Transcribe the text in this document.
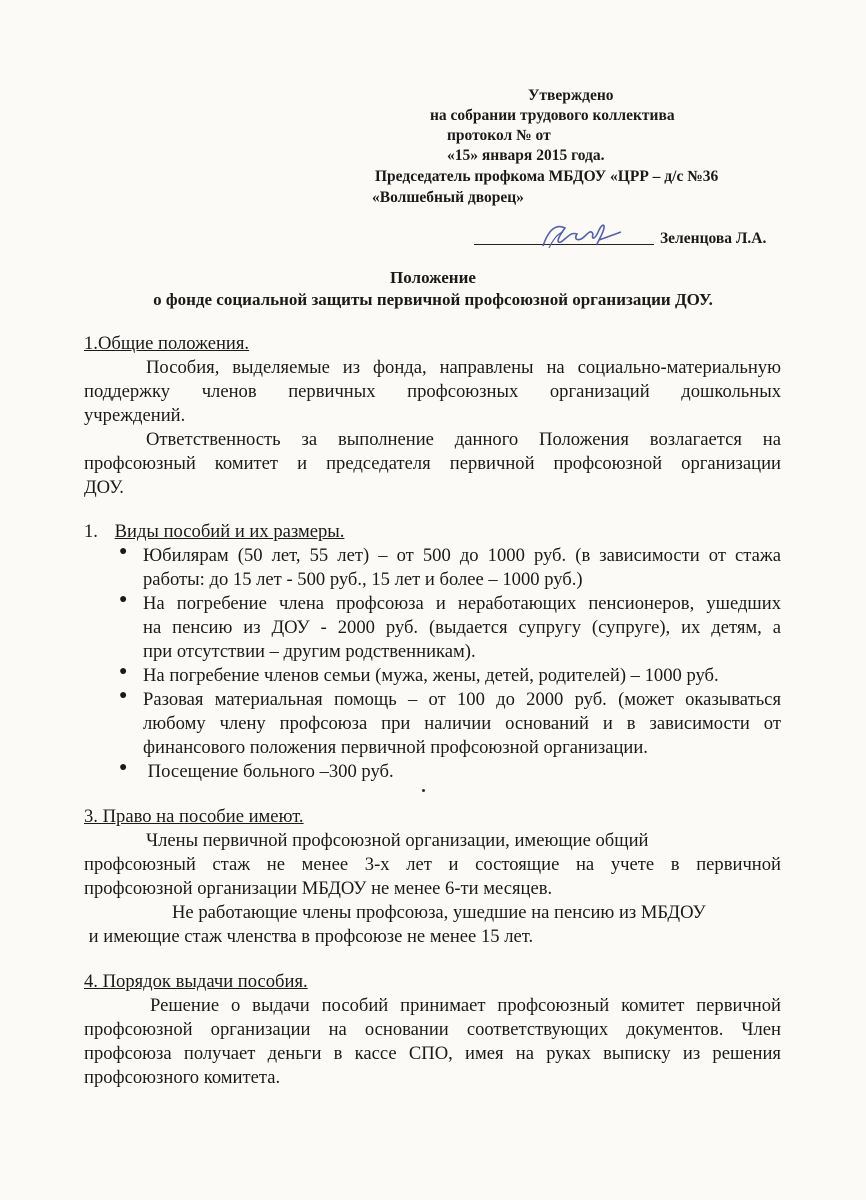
Утверждено
на собрании трудового коллектива
протокол № от
«15» января 2015 года.
Председатель профкома МБДОУ «ЦРР – д/с №36
«Волшебный дворец»
Зеленцова Л.А.
Положение
о фонде социальной защиты первичной профсоюзной организации ДОУ.
1.Общие положения.
Пособия, выделяемые из фонда, направлены на социально-материальную
поддержку членов первичных профсоюзных организаций дошкольных
учреждений.
Ответственность за выполнение данного Положения возлагается на
профсоюзный комитет и председателя первичной профсоюзной организации
ДОУ.
1. Виды пособий и их размеры.
● Юбилярам (50 лет, 55 лет) – от 500 до 1000 руб. (в зависимости от стажа
работы: до 15 лет - 500 руб., 15 лет и более – 1000 руб.)
● На погребение члена профсоюза и неработающих пенсионеров, ушедших
на пенсию из ДОУ - 2000 руб. (выдается супругу (супруге), их детям, а
при отсутствии – другим родственникам).
● На погребение членов семьи (мужа, жены, детей, родителей) – 1000 руб.
● Разовая материальная помощь – от 100 до 2000 руб. (может оказываться
любому члену профсоюза при наличии оснований и в зависимости от
финансового положения первичной профсоюзной организации.
● Посещение больного –300 руб.
3. Право на пособие имеют.
Члены первичной профсоюзной организации, имеющие общий
профсоюзный стаж не менее 3-х лет и состоящие на учете в первичной
профсоюзной организации МБДОУ не менее 6-ти месяцев.
Не работающие члены профсоюза, ушедшие на пенсию из МБДОУ
и имеющие стаж членства в профсоюзе не менее 15 лет.
4. Порядок выдачи пособия.
Решение о выдачи пособий принимает профсоюзный комитет первичной
профсоюзной организации на основании соответствующих документов. Член
профсоюза получает деньги в кассе СПО, имея на руках выписку из решения
профсоюзного комитета.
